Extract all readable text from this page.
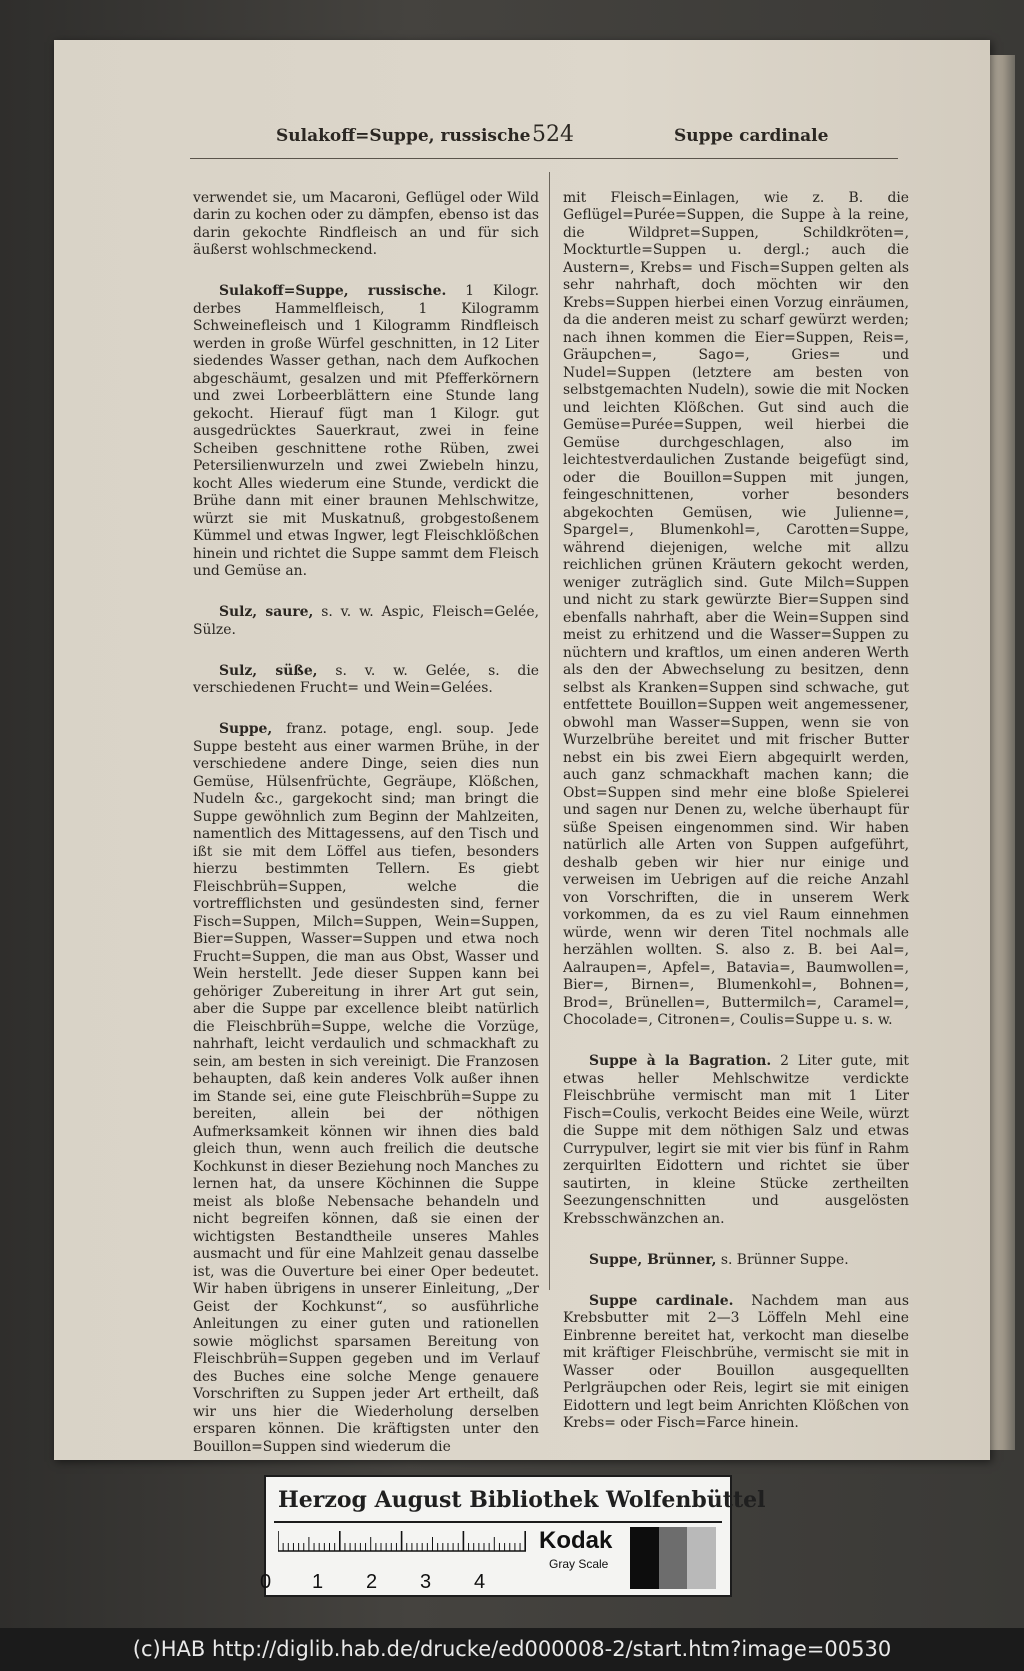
Sulakoff=Suppe, russische 524	Suppe cardinale

verwendet sie, um Macaroni, Geflügel oder Wild darin zu kochen oder zu dämpfen, ebenso ist das darin gekochte Rindfleisch an und für sich äußerst wohlschmeckend.

Sulakoff=Suppe, russische. 1 Kilogr. derbes Hammelfleisch, 1 Kilogramm Schweinefleisch und 1 Kilogramm Rindfleisch werden in große Würfel geschnitten, in 12 Liter siedendes Wasser gethan, nach dem Aufkochen abgeschäumt, gesalzen und mit Pfefferkörnern und zwei Lorbeerblättern eine Stunde lang gekocht. Hierauf fügt man 1 Kilogr. gut ausgedrücktes Sauerkraut, zwei in feine Scheiben geschnittene rothe Rüben, zwei Petersilienwurzeln und zwei Zwiebeln hinzu, kocht Alles wiederum eine Stunde, verdickt die Brühe dann mit einer braunen Mehlschwitze, würzt sie mit Muskatnuß, grobgestoßenem Kümmel und etwas Ingwer, legt Fleischklößchen hinein und richtet die Suppe sammt dem Fleisch und Gemüse an.

Sulz, saure, s. v. w. Aspic, Fleisch=Gelée, Sülze.

Sulz, süße, s. v. w. Gelée, s. die verschiedenen Frucht= und Wein=Gelées.

Suppe, franz. potage, engl. soup. Jede Suppe besteht aus einer warmen Brühe, in der verschiedene andere Dinge, seien dies nun Gemüse, Hülsenfrüchte, Gegräupe, Klößchen, Nudeln &c., gargekocht sind; man bringt die Suppe gewöhnlich zum Beginn der Mahlzeiten, namentlich des Mittagessens, auf den Tisch und ißt sie mit dem Löffel aus tiefen, besonders hierzu bestimmten Tellern. Es giebt Fleischbrüh=Suppen, welche die vortrefflichsten und gesündesten sind, ferner Fisch=Suppen, Milch=Suppen, Wein=Suppen, Bier=Suppen, Wasser=Suppen und etwa noch Frucht=Suppen, die man aus Obst, Wasser und Wein herstellt. Jede dieser Suppen kann bei gehöriger Zubereitung in ihrer Art gut sein, aber die Suppe par excellence bleibt natürlich die Fleischbrüh=Suppe, welche die Vorzüge, nahrhaft, leicht verdaulich und schmackhaft zu sein, am besten in sich vereinigt. Die Franzosen behaupten, daß kein anderes Volk außer ihnen im Stande sei, eine gute Fleischbrüh=Suppe zu bereiten, allein bei der nöthigen Aufmerksamkeit können wir ihnen dies bald gleich thun, wenn auch freilich die deutsche Kochkunst in dieser Beziehung noch Manches zu lernen hat, da unsere Köchinnen die Suppe meist als bloße Nebensache behandeln und nicht begreifen können, daß sie einen der wichtigsten Bestandtheile unseres Mahles ausmacht und für eine Mahlzeit genau dasselbe ist, was die Ouverture bei einer Oper bedeutet. Wir haben übrigens in unserer Einleitung, „Der Geist der Kochkunst“, so ausführliche Anleitungen zu einer guten und rationellen sowie möglichst sparsamen Bereitung von Fleischbrüh=Suppen gegeben und im Verlauf des Buches eine solche Menge genauere Vorschriften zu Suppen jeder Art ertheilt, daß wir uns hier die Wiederholung derselben ersparen können. Die kräftigsten unter den Bouillon=Suppen sind wiederum die

mit Fleisch=Einlagen, wie z. B. die Geflügel=Purée=Suppen, die Suppe à la reine, die Wildpret=Suppen, Schildkröten=, Mockturtle=Suppen u. dergl.; auch die Austern=, Krebs= und Fisch=Suppen gelten als sehr nahrhaft, doch möchten wir den Krebs=Suppen hierbei einen Vorzug einräumen, da die anderen meist zu scharf gewürzt werden; nach ihnen kommen die Eier=Suppen, Reis=, Gräupchen=, Sago=, Gries= und Nudel=Suppen (letztere am besten von selbstgemachten Nudeln), sowie die mit Nocken und leichten Klößchen. Gut sind auch die Gemüse=Purée=Suppen, weil hierbei die Gemüse durchgeschlagen, also im leichtestverdaulichen Zustande beigefügt sind, oder die Bouillon=Suppen mit jungen, feingeschnittenen, vorher besonders abgekochten Gemüsen, wie Julienne=, Spargel=, Blumenkohl=, Carotten=Suppe, während diejenigen, welche mit allzu reichlichen grünen Kräutern gekocht werden, weniger zuträglich sind. Gute Milch=Suppen und nicht zu stark gewürzte Bier=Suppen sind ebenfalls nahrhaft, aber die Wein=Suppen sind meist zu erhitzend und die Wasser=Suppen zu nüchtern und kraftlos, um einen anderen Werth als den der Abwechselung zu besitzen, denn selbst als Kranken=Suppen sind schwache, gut entfettete Bouillon=Suppen weit angemessener, obwohl man Wasser=Suppen, wenn sie von Wurzelbrühe bereitet und mit frischer Butter nebst ein bis zwei Eiern abgequirlt werden, auch ganz schmackhaft machen kann; die Obst=Suppen sind mehr eine bloße Spielerei und sagen nur Denen zu, welche überhaupt für süße Speisen eingenommen sind. Wir haben natürlich alle Arten von Suppen aufgeführt, deshalb geben wir hier nur einige und verweisen im Uebrigen auf die reiche Anzahl von Vorschriften, die in unserem Werk vorkommen, da es zu viel Raum einnehmen würde, wenn wir deren Titel nochmals alle herzählen wollten. S. also z. B. bei Aal=, Aalraupen=, Apfel=, Batavia=, Baumwollen=, Bier=, Birnen=, Blumenkohl=, Bohnen=, Brod=, Brünellen=, Buttermilch=, Caramel=, Chocolade=, Citronen=, Coulis=Suppe u. s. w.

Suppe à la Bagration. 2 Liter gute, mit etwas heller Mehlschwitze verdickte Fleischbrühe vermischt man mit 1 Liter Fisch=Coulis, verkocht Beides eine Weile, würzt die Suppe mit dem nöthigen Salz und etwas Currypulver, legirt sie mit vier bis fünf in Rahm zerquirlten Eidottern und richtet sie über sautirten, in kleine Stücke zertheilten Seezungenschnitten und ausgelösten Krebsschwänzchen an.

Suppe, Brünner, s. Brünner Suppe.

Suppe cardinale. Nachdem man aus Krebsbutter mit 2—3 Löffeln Mehl eine Einbrenne bereitet hat, verkocht man dieselbe mit kräftiger Fleischbrühe, vermischt sie mit in Wasser oder Bouillon ausgequellten Perlgräupchen oder Reis, legirt sie mit einigen Eidottern und legt beim Anrichten Klößchen von Krebs= oder Fisch=Farce hinein.

Herzog August Bibliothek Wolfenbüttel
0 1 2 3 4
Kodak
Gray Scale
(c)HAB http://diglib.hab.de/drucke/ed000008-2/start.htm?image=00530
